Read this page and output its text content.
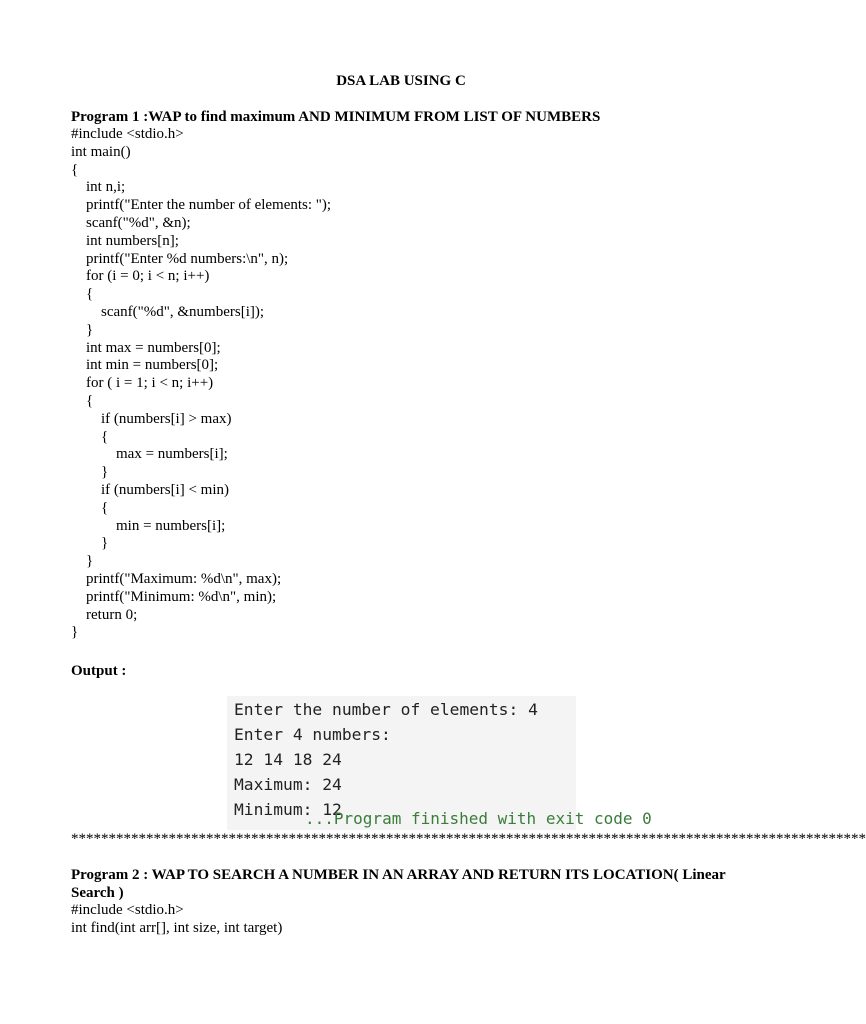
DSA LAB USING C
Program 1 :WAP to find maximum AND MINIMUM FROM LIST OF NUMBERS
#include <stdio.h>
int main()
{
int n,i;
printf("Enter the number of elements: ");
scanf("%d", &n);
int numbers[n];
printf("Enter %d numbers:\n", n);
for (i = 0; i < n; i++)
{
scanf("%d", &numbers[i]);
}
int max = numbers[0];
int min = numbers[0];
for ( i = 1; i < n; i++)
{
if (numbers[i] > max)
{
max = numbers[i];
}
if (numbers[i] < min)
{
min = numbers[i];
}
}
printf("Maximum: %d\n", max);
printf("Minimum: %d\n", min);
return 0;
}
Output :
Enter the number of elements: 4
Enter 4 numbers:
12 14 18 24
Maximum: 24
Minimum: 12
...Program finished with exit code 0
**********************************************************************************************************
Program 2 : WAP TO SEARCH A NUMBER IN AN ARRAY AND RETURN ITS LOCATION( Linear Search )
#include <stdio.h>
int find(int arr[], int size, int target)
